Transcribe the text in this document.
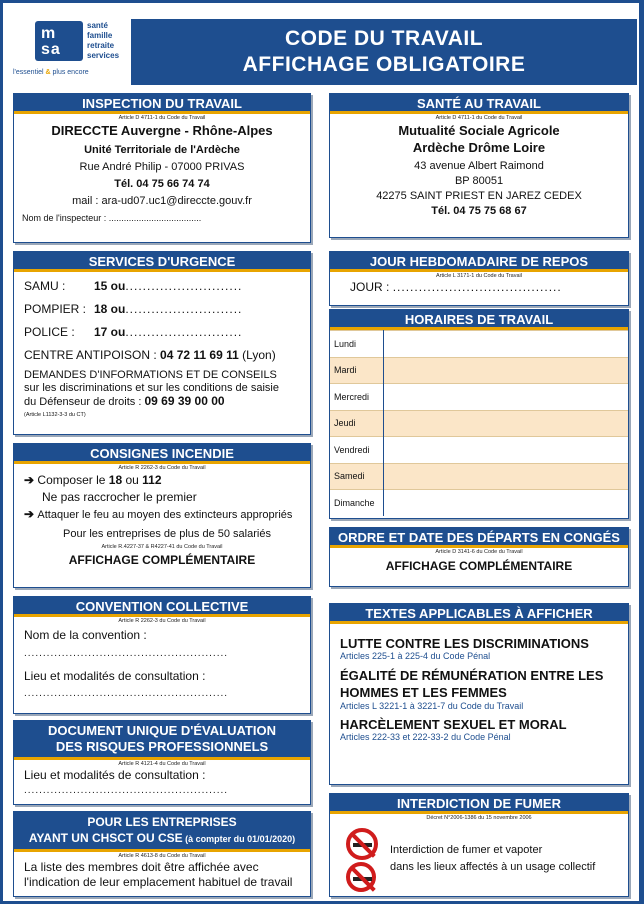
m
sa
santé
famille
retraite
services
l'essentiel & plus encore
CODE DU TRAVAIL
AFFICHAGE OBLIGATOIRE
INSPECTION DU TRAVAIL
Article D 4711-1 du Code du Travail
DIRECCTE Auvergne - Rhône-Alpes
Unité Territoriale de l'Ardèche
Rue André Philip - 07000 PRIVAS
Tél. 04 75 66 74 74
mail : ara-ud07.uc1@direccte.gouv.fr
Nom de l'inspecteur : .....................................
SANTÉ AU TRAVAIL
Article D 4711-1 du Code du Travail
Mutualité Sociale Agricole
Ardèche Drôme Loire
43 avenue Albert Raimond
BP 80051
42275 SAINT PRIEST EN JAREZ CEDEX
Tél. 04 75 75 68 67
SERVICES D'URGENCE
SAMU : 15 ou...........................
POMPIER : 18 ou...........................
POLICE : 17 ou...........................
CENTRE ANTIPOISON : 04 72 11 69 11 (Lyon)
DEMANDES D'INFORMATIONS ET DE CONSEILS
sur les discriminations et sur les conditions de saisie
du Défenseur de droits : 09 69 39 00 00
(Article L1132-3-3 du CT)
JOUR HEBDOMADAIRE DE REPOS
Article L 3171-1 du Code du Travail
JOUR : .......................................
HORAIRES DE TRAVAIL
Lundi	
Mardi	
Mercredi	
Jeudi	
Vendredi	
Samedi	
Dimanche	
CONSIGNES INCENDIE
Article R 2262-3 du Code du Travail
➔ Composer le 18 ou 112
Ne pas raccrocher le premier
➔ Attaquer le feu au moyen des extincteurs appropriés
Pour les entreprises de plus de 50 salariés
Article R.4227-37 & R4227-41 du Code du Travail
AFFICHAGE COMPLÉMENTAIRE
ORDRE ET DATE DES DÉPARTS EN CONGÉS
Article D 3141-6 du Code du Travail
AFFICHAGE COMPLÉMENTAIRE
CONVENTION COLLECTIVE
Article R 2262-3 du Code du Travail
Nom de la convention :
......................................................
Lieu et modalités de consultation :
......................................................
TEXTES APPLICABLES À AFFICHER
LUTTE CONTRE LES DISCRIMINATIONS
Articles 225-1 à 225-4 du Code Pénal
ÉGALITÉ DE RÉMUNÉRATION ENTRE LES HOMMES ET LES FEMMES
Articles L 3221-1 à 3221-7 du Code du Travail
HARCÈLEMENT SEXUEL ET MORAL
Articles 222-33 et 222-33-2 du Code Pénal
DOCUMENT UNIQUE D'ÉVALUATION
DES RISQUES PROFESSIONNELS
Article R 4121-4 du Code du Travail
Lieu et modalités de consultation :
......................................................
INTERDICTION DE FUMER
Décret N°2006-1386 du 15 novembre 2006
Interdiction de fumer et vapoter
dans les lieux affectés à un usage collectif
POUR LES ENTREPRISES
AYANT UN CHSCT OU CSE (à compter du 01/01/2020)
Article R 4613-8 du Code du Travail
La liste des membres doit être affichée avec
l'indication de leur emplacement habituel de travail
